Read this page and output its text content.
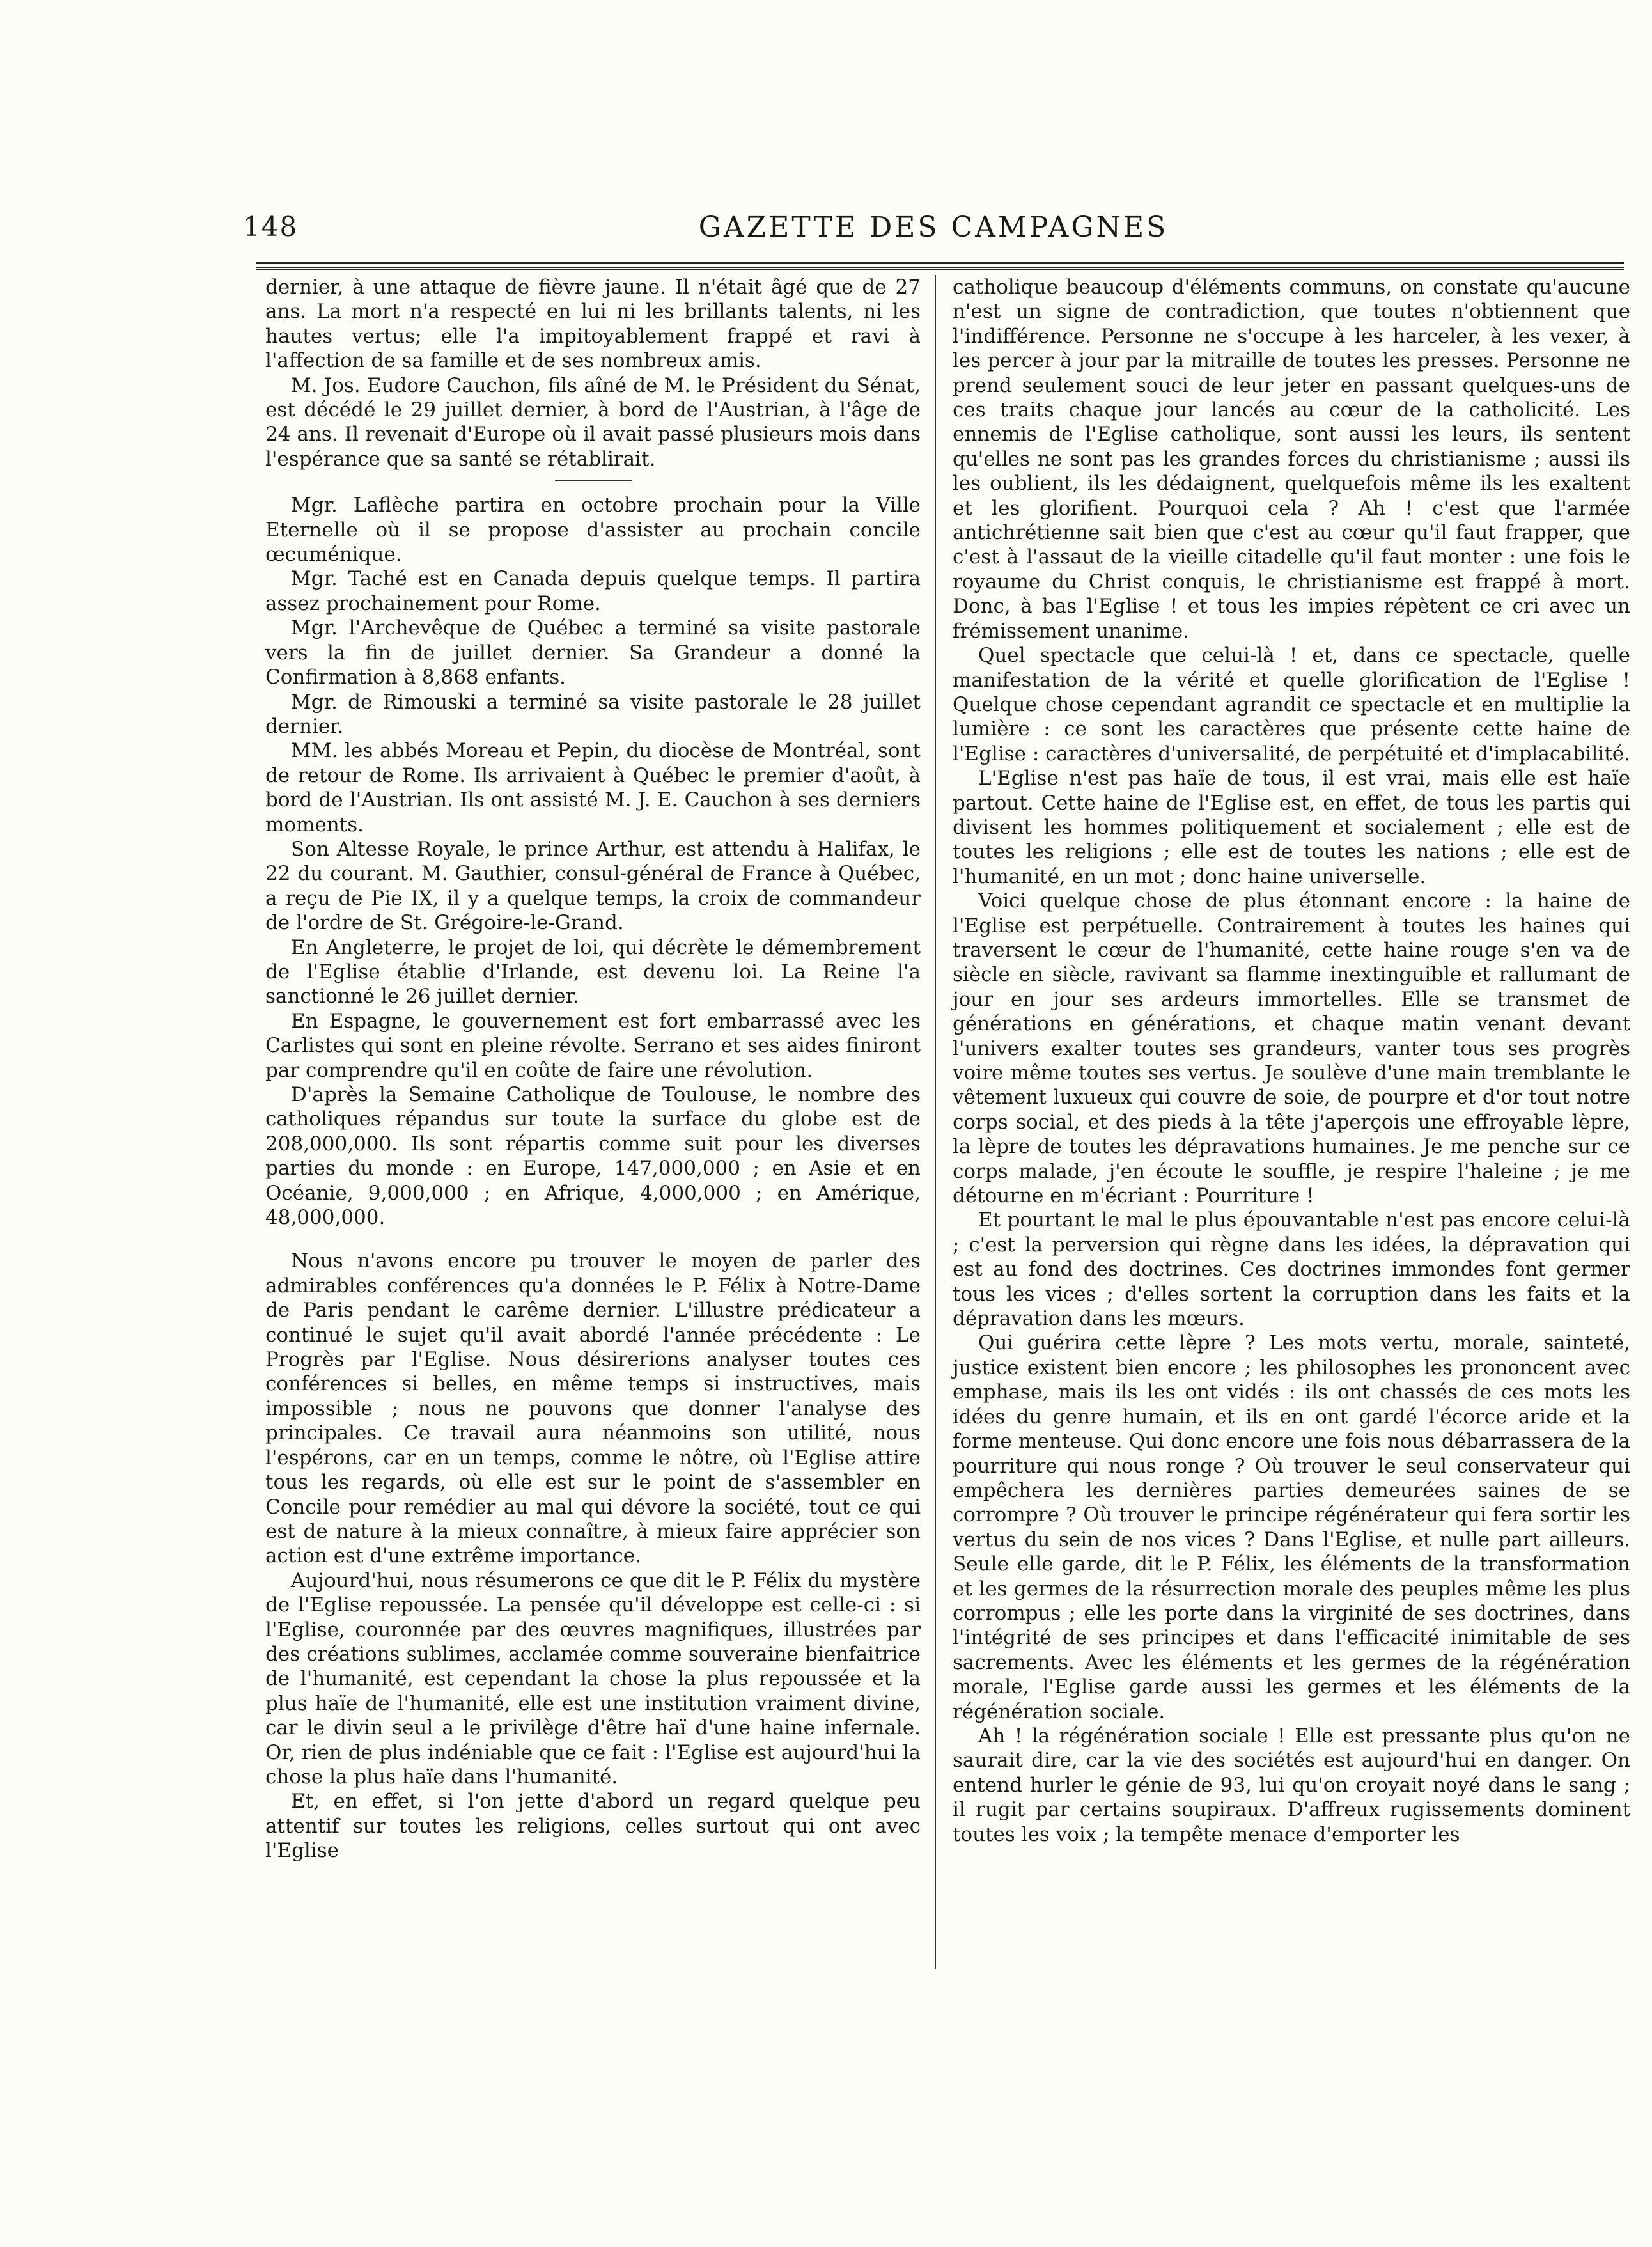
148	GAZETTE DES CAMPAGNES

dernier, à une attaque de fièvre jaune. Il n'était âgé que de 27 ans. La mort n'a respecté en lui ni les brillants talents, ni les hautes vertus; elle l'a impitoyablement frappé et ravi à l'affection de sa famille et de ses nombreux amis.

M. Jos. Eudore Cauchon, fils aîné de M. le Président du Sénat, est décédé le 29 juillet dernier, à bord de l'Austrian, à l'âge de 24 ans. Il revenait d'Europe où il avait passé plusieurs mois dans l'espérance que sa santé se rétablirait.

Mgr. Laflèche partira en octobre prochain pour la Ville Eternelle où il se propose d'assister au prochain concile œcuménique.

Mgr. Taché est en Canada depuis quelque temps. Il partira assez prochainement pour Rome.

Mgr. l'Archevêque de Québec a terminé sa visite pastorale vers la fin de juillet dernier. Sa Grandeur a donné la Confirmation à 8,868 enfants.

Mgr. de Rimouski a terminé sa visite pastorale le 28 juillet dernier.

MM. les abbés Moreau et Pepin, du diocèse de Montréal, sont de retour de Rome. Ils arrivaient à Québec le premier d'août, à bord de l'Austrian. Ils ont assisté M. J. E. Cauchon à ses derniers moments.

Son Altesse Royale, le prince Arthur, est attendu à Halifax, le 22 du courant. M. Gauthier, consul-général de France à Québec, a reçu de Pie IX, il y a quelque temps, la croix de commandeur de l'ordre de St. Grégoire-le-Grand.

En Angleterre, le projet de loi, qui décrète le démembrement de l'Eglise établie d'Irlande, est devenu loi. La Reine l'a sanctionné le 26 juillet dernier.

En Espagne, le gouvernement est fort embarrassé avec les Carlistes qui sont en pleine révolte. Serrano et ses aides finiront par comprendre qu'il en coûte de faire une révolution.

D'après la Semaine Catholique de Toulouse, le nombre des catholiques répandus sur toute la surface du globe est de 208,000,000. Ils sont répartis comme suit pour les diverses parties du monde : en Europe, 147,000,000 ; en Asie et en Océanie, 9,000,000 ; en Afrique, 4,000,000 ; en Amérique, 48,000,000.

Nous n'avons encore pu trouver le moyen de parler des admirables conférences qu'a données le P. Félix à Notre-Dame de Paris pendant le carême dernier. L'illustre prédicateur a continué le sujet qu'il avait abordé l'année précédente : Le Progrès par l'Eglise. Nous désirerions analyser toutes ces conférences si belles, en même temps si instructives, mais impossible ; nous ne pouvons que donner l'analyse des principales. Ce travail aura néanmoins son utilité, nous l'espérons, car en un temps, comme le nôtre, où l'Eglise attire tous les regards, où elle est sur le point de s'assembler en Concile pour remédier au mal qui dévore la société, tout ce qui est de nature à la mieux connaître, à mieux faire apprécier son action est d'une extrême importance.

Aujourd'hui, nous résumerons ce que dit le P. Félix du mystère de l'Eglise repoussée. La pensée qu'il développe est celle-ci : si l'Eglise, couronnée par des œuvres magnifiques, illustrées par des créations sublimes, acclamée comme souveraine bienfaitrice de l'humanité, est cependant la chose la plus repoussée et la plus haïe de l'humanité, elle est une institution vraiment divine, car le divin seul a le privilège d'être haï d'une haine infernale. Or, rien de plus indéniable que ce fait : l'Eglise est aujourd'hui la chose la plus haïe dans l'humanité.

Et, en effet, si l'on jette d'abord un regard quelque peu attentif sur toutes les religions, celles surtout qui ont avec l'Eglise

catholique beaucoup d'éléments communs, on constate qu'aucune n'est un signe de contradiction, que toutes n'obtiennent que l'indifférence. Personne ne s'occupe à les harceler, à les vexer, à les percer à jour par la mitraille de toutes les presses. Personne ne prend seulement souci de leur jeter en passant quelques-uns de ces traits chaque jour lancés au cœur de la catholicité. Les ennemis de l'Eglise catholique, sont aussi les leurs, ils sentent qu'elles ne sont pas les grandes forces du christianisme ; aussi ils les oublient, ils les dédaignent, quelquefois même ils les exaltent et les glorifient. Pourquoi cela ? Ah ! c'est que l'armée antichrétienne sait bien que c'est au cœur qu'il faut frapper, que c'est à l'assaut de la vieille citadelle qu'il faut monter : une fois le royaume du Christ conquis, le christianisme est frappé à mort. Donc, à bas l'Eglise ! et tous les impies répètent ce cri avec un frémissement unanime.

Quel spectacle que celui-là ! et, dans ce spectacle, quelle manifestation de la vérité et quelle glorification de l'Eglise ! Quelque chose cependant agrandit ce spectacle et en multiplie la lumière : ce sont les caractères que présente cette haine de l'Eglise : caractères d'universalité, de perpétuité et d'implacabilité.

L'Eglise n'est pas haïe de tous, il est vrai, mais elle est haïe partout. Cette haine de l'Eglise est, en effet, de tous les partis qui divisent les hommes politiquement et socialement ; elle est de toutes les religions ; elle est de toutes les nations ; elle est de l'humanité, en un mot ; donc haine universelle.

Voici quelque chose de plus étonnant encore : la haine de l'Eglise est perpétuelle. Contrairement à toutes les haines qui traversent le cœur de l'humanité, cette haine rouge s'en va de siècle en siècle, ravivant sa flamme inextinguible et rallumant de jour en jour ses ardeurs immortelles. Elle se transmet de générations en générations, et chaque matin venant devant l'univers exalter toutes ses grandeurs, vanter tous ses progrès voire même toutes ses vertus. Je soulève d'une main tremblante le vêtement luxueux qui couvre de soie, de pourpre et d'or tout notre corps social, et des pieds à la tête j'aperçois une effroyable lèpre, la lèpre de toutes les dépravations humaines. Je me penche sur ce corps malade, j'en écoute le souffle, je respire l'haleine ; je me détourne en m'écriant : Pourriture !

Et pourtant le mal le plus épouvantable n'est pas encore celui-là ; c'est la perversion qui règne dans les idées, la dépravation qui est au fond des doctrines. Ces doctrines immondes font germer tous les vices ; d'elles sortent la corruption dans les faits et la dépravation dans les mœurs.

Qui guérira cette lèpre ? Les mots vertu, morale, sainteté, justice existent bien encore ; les philosophes les prononcent avec emphase, mais ils les ont vidés : ils ont chassés de ces mots les idées du genre humain, et ils en ont gardé l'écorce aride et la forme menteuse. Qui donc encore une fois nous débarrassera de la pourriture qui nous ronge ? Où trouver le seul conservateur qui empêchera les dernières parties demeurées saines de se corrompre ? Où trouver le principe régénérateur qui fera sortir les vertus du sein de nos vices ? Dans l'Eglise, et nulle part ailleurs. Seule elle garde, dit le P. Félix, les éléments de la transformation et les germes de la résurrection morale des peuples même les plus corrompus ; elle les porte dans la virginité de ses doctrines, dans l'intégrité de ses principes et dans l'efficacité inimitable de ses sacrements. Avec les éléments et les germes de la régénération morale, l'Eglise garde aussi les germes et les éléments de la régénération sociale.

Ah ! la régénération sociale ! Elle est pressante plus qu'on ne saurait dire, car la vie des sociétés est aujourd'hui en danger. On entend hurler le génie de 93, lui qu'on croyait noyé dans le sang ; il rugit par certains soupiraux. D'affreux rugissements dominent toutes les voix ; la tempête menace d'emporter les
